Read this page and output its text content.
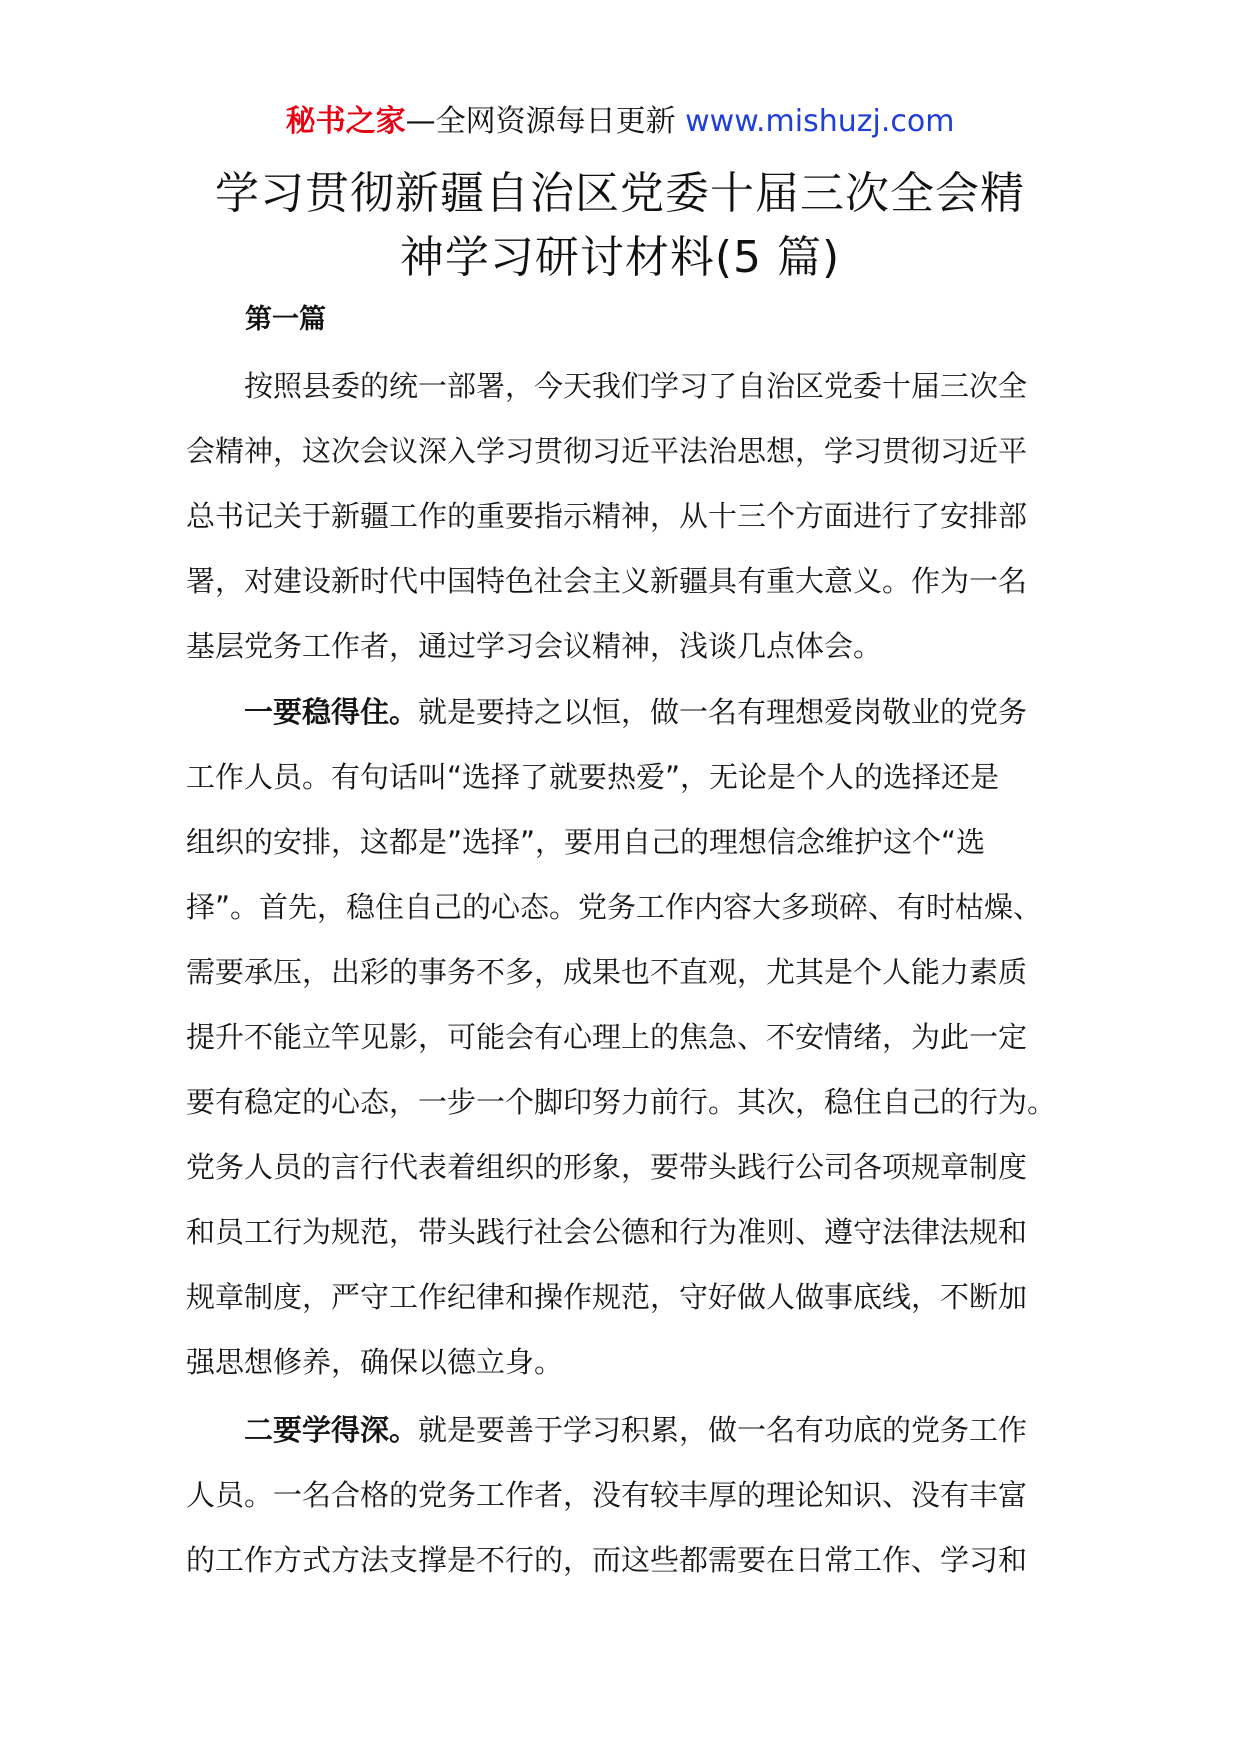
秘书之家—全网资源每日更新 www.mishuzj.com
学习贯彻新疆自治区党委十届三次全会精
神学习研讨材料(5 篇)
第一篇
　　按照县委的统一部署，今天我们学习了自治区党委十届三次全
会精神，这次会议深入学习贯彻习近平法治思想，学习贯彻习近平
总书记关于新疆工作的重要指示精神，从十三个方面进行了安排部
署，对建设新时代中国特色社会主义新疆具有重大意义。作为一名
基层党务工作者，通过学习会议精神，浅谈几点体会。
　　一要稳得住。就是要持之以恒，做一名有理想爱岗敬业的党务
工作人员。有句话叫“选择了就要热爱”，无论是个人的选择还是
组织的安排，这都是”选择”，要用自己的理想信念维护这个“选
择”。首先，稳住自己的心态。党务工作内容大多琐碎、有时枯燥、
需要承压，出彩的事务不多，成果也不直观，尤其是个人能力素质
提升不能立竿见影，可能会有心理上的焦急、不安情绪，为此一定
要有稳定的心态，一步一个脚印努力前行。其次，稳住自己的行为。
党务人员的言行代表着组织的形象，要带头践行公司各项规章制度
和员工行为规范，带头践行社会公德和行为准则、遵守法律法规和
规章制度，严守工作纪律和操作规范，守好做人做事底线，不断加
强思想修养，确保以德立身。
　　二要学得深。就是要善于学习积累，做一名有功底的党务工作
人员。一名合格的党务工作者，没有较丰厚的理论知识、没有丰富
的工作方式方法支撑是不行的，而这些都需要在日常工作、学习和
